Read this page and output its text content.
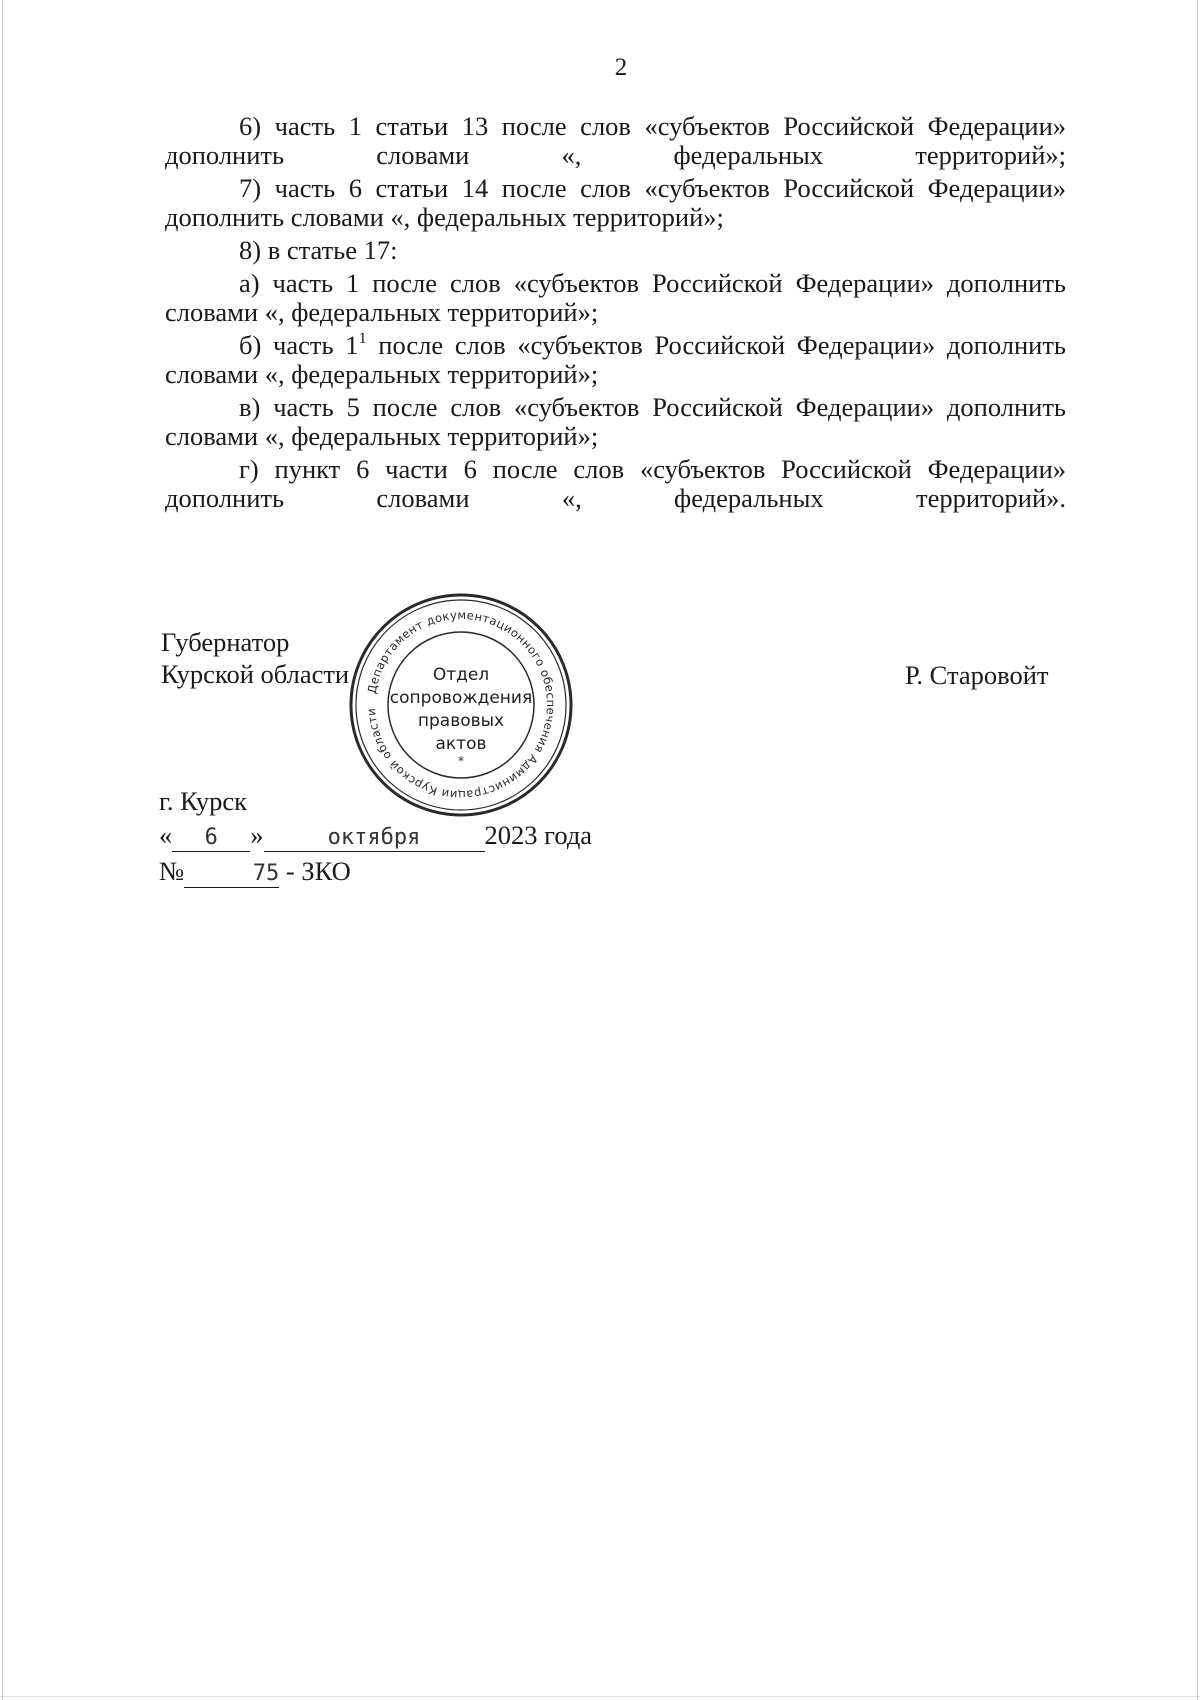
2

6) часть 1 статьи 13 после слов «субъектов Российской Федерации» дополнить словами «, федеральных территорий»;

7) часть 6 статьи 14 после слов «субъектов Российской Федерации» дополнить словами «, федеральных территорий»;

8) в статье 17:

а) часть 1 после слов «субъектов Российской Федерации» дополнить словами «, федеральных территорий»;

б) часть $1^1$ после слов «субъектов Российской Федерации» дополнить словами «, федеральных территорий»;

в) часть 5 после слов «субъектов Российской Федерации» дополнить словами «, федеральных территорий»;

г) пункт 6 части 6 после слов «субъектов Российской Федерации» дополнить словами «, федеральных территорий».

Губернатор
Курской области	Р. Старовойт
Департамент документационного обеспечения Администрации Курской области
*
Отдел
сопровождения
правовых
актов
г. Курск
« 6 »	октября 2023 года
№	75 - ЗКО
